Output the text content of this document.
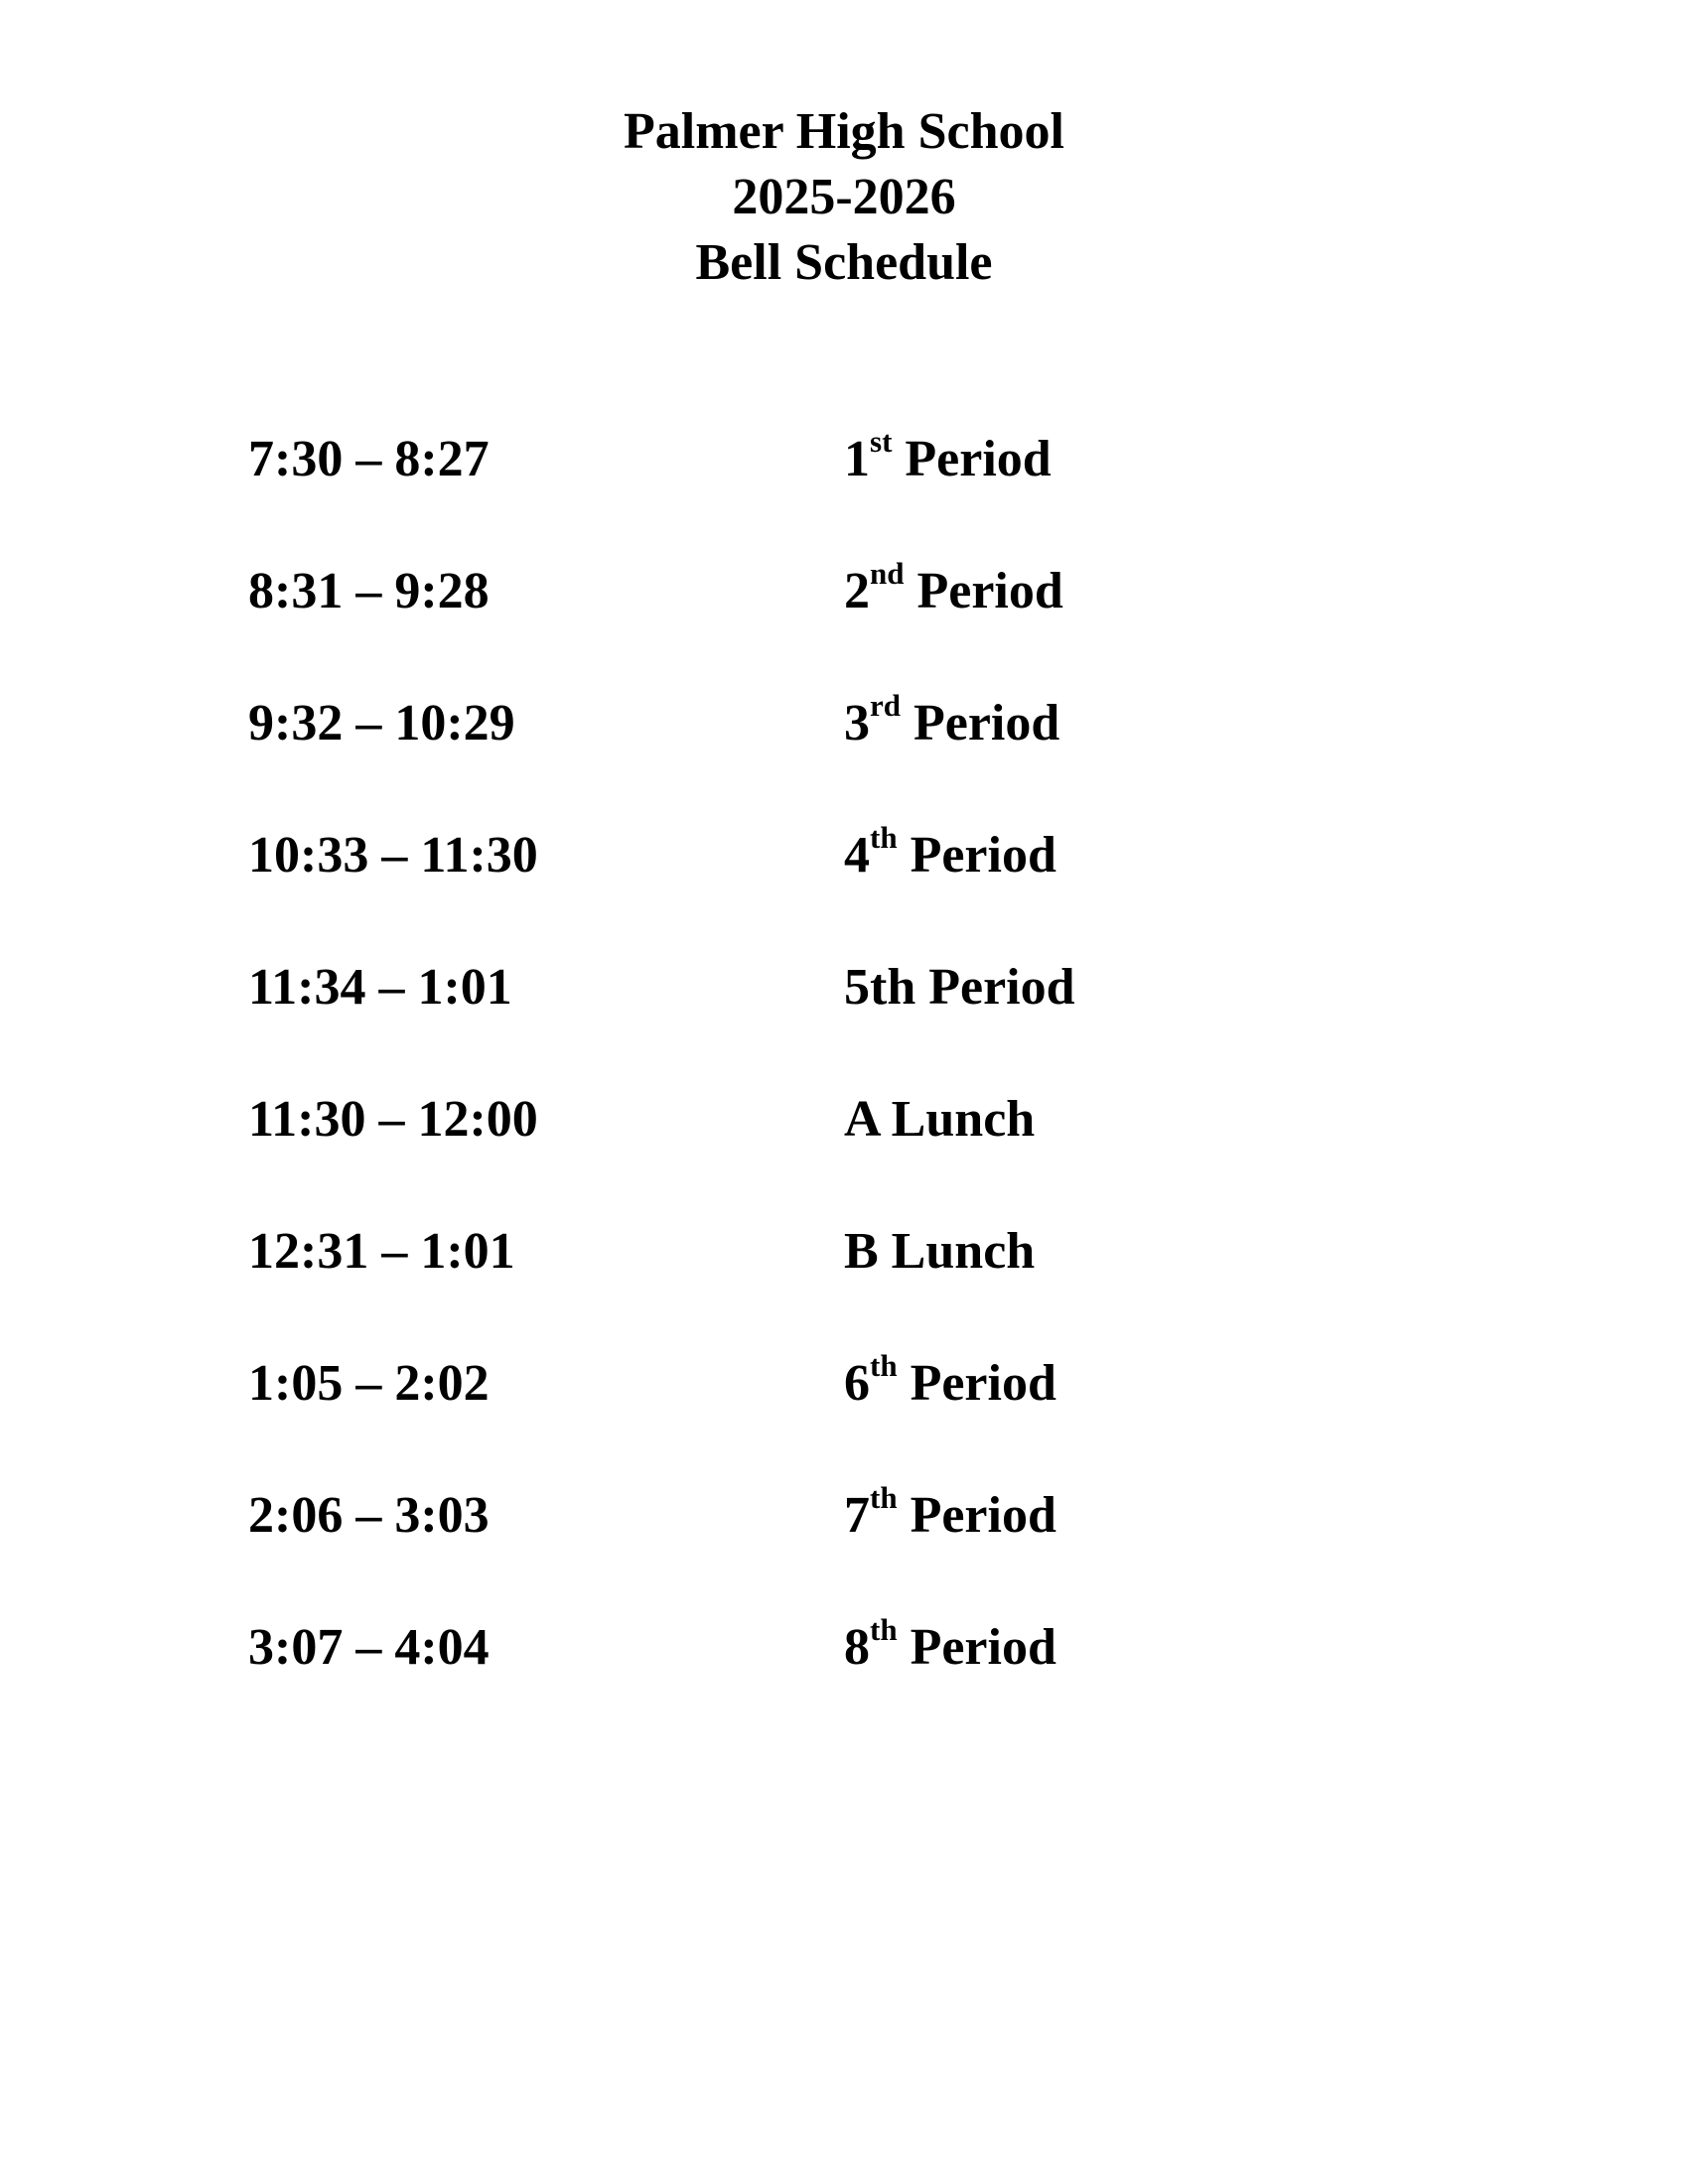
Palmer High School
2025-2026
Bell Schedule
7:30 – 8:27	1st Period
8:31 – 9:28	2nd Period
9:32 – 10:29	3rd Period
10:33 – 11:30	4th Period
11:34 – 1:01	5th Period
11:30 – 12:00	A Lunch
12:31 – 1:01	B Lunch
1:05 – 2:02	6th Period
2:06 – 3:03	7th Period
3:07 – 4:04	8th Period
